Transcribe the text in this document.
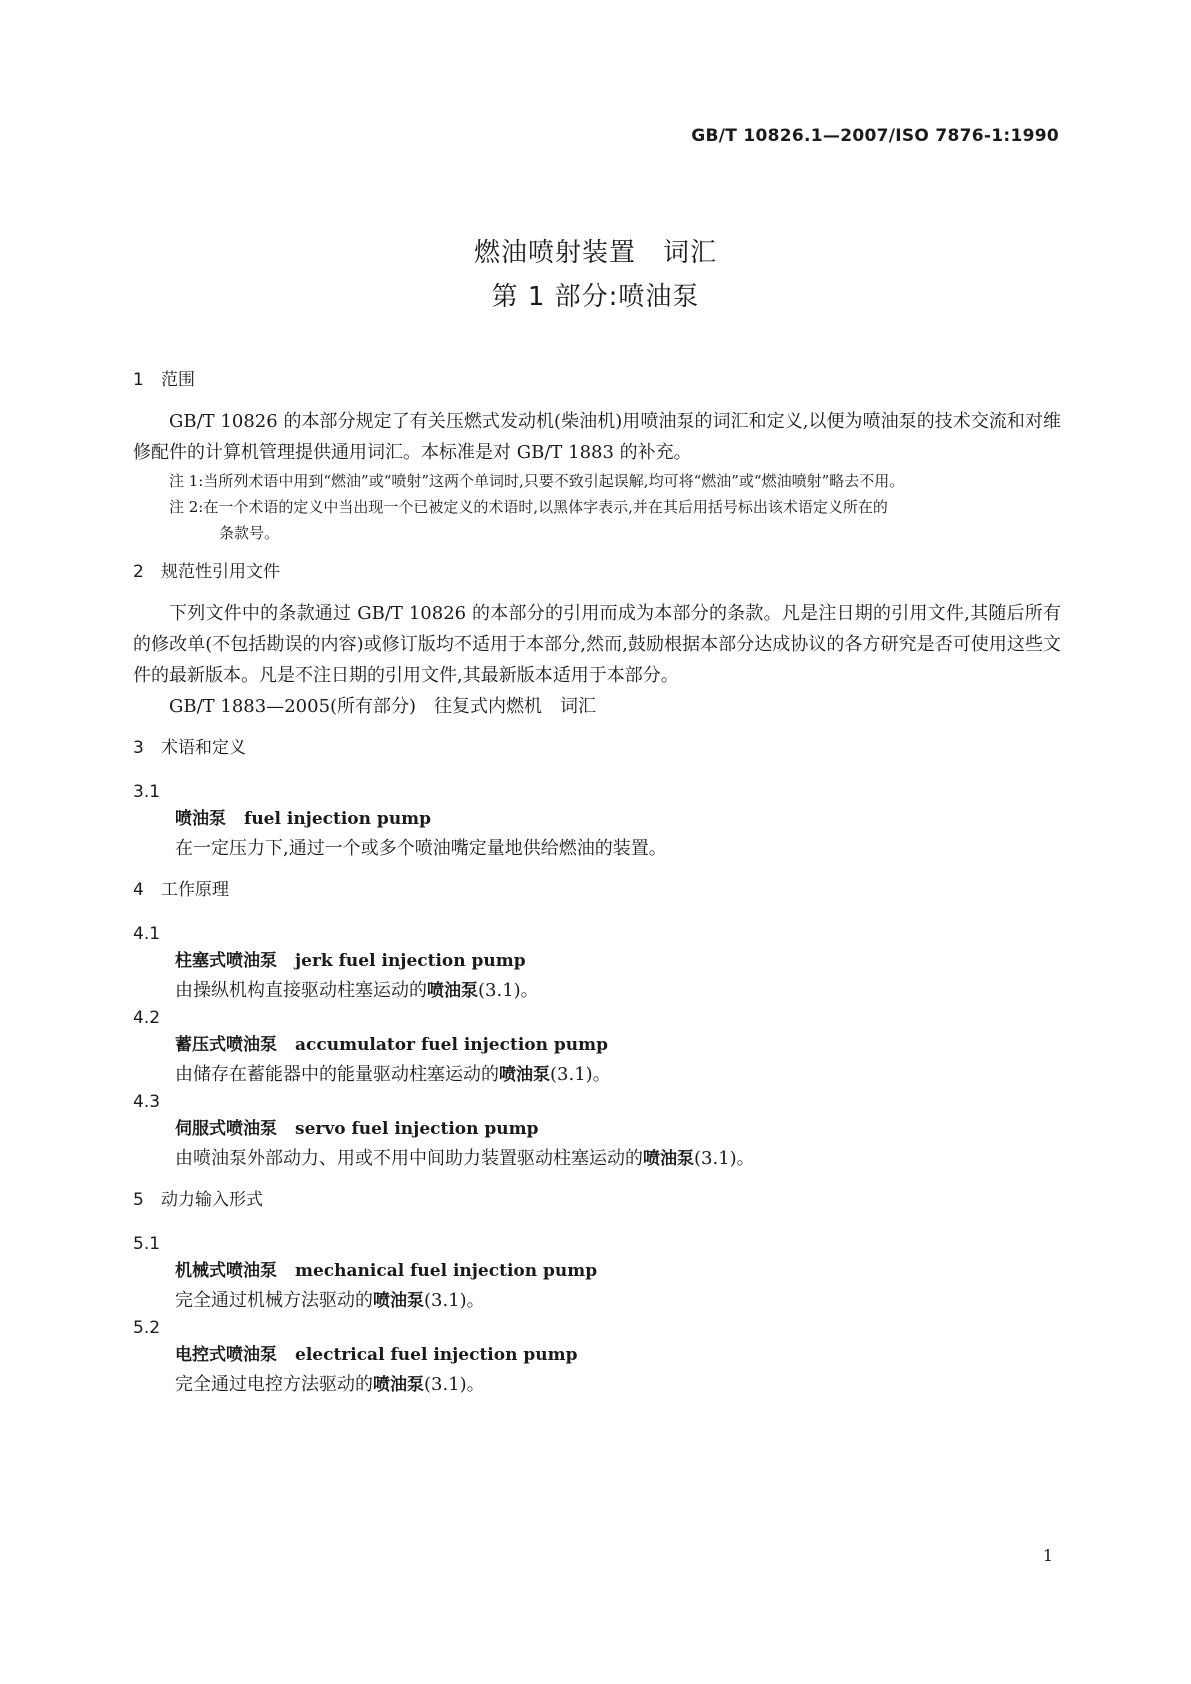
GB/T 10826.1—2007/ISO 7876-1:1990
燃油喷射装置　词汇
第 1 部分:喷油泵

1 范围

GB/T 10826 的本部分规定了有关压燃式发动机(柴油机)用喷油泵的词汇和定义,以便为喷油泵的技术交流和对维修配件的计算机管理提供通用词汇。本标准是对 GB/T 1883 的补充。

注 1:当所列术语中用到“燃油”或“喷射”这两个单词时,只要不致引起误解,均可将“燃油”或“燃油喷射”略去不用。

注 2:在一个术语的定义中当出现一个已被定义的术语时,以黑体字表示,并在其后用括号标出该术语定义所在的

条款号。

2 规范性引用文件

下列文件中的条款通过 GB/T 10826 的本部分的引用而成为本部分的条款。凡是注日期的引用文件,其随后所有的修改单(不包括勘误的内容)或修订版均不适用于本部分,然而,鼓励根据本部分达成协议的各方研究是否可使用这些文件的最新版本。凡是不注日期的引用文件,其最新版本适用于本部分。

GB/T 1883—2005(所有部分)　往复式内燃机　词汇

3 术语和定义

3.1

喷油泵 fuel injection pump

在一定压力下,通过一个或多个喷油嘴定量地供给燃油的装置。

4 工作原理

4.1

柱塞式喷油泵 jerk fuel injection pump

由操纵机构直接驱动柱塞运动的喷油泵(3.1)。

4.2

蓄压式喷油泵 accumulator fuel injection pump

由储存在蓄能器中的能量驱动柱塞运动的喷油泵(3.1)。

4.3

伺服式喷油泵 servo fuel injection pump

由喷油泵外部动力、用或不用中间助力装置驱动柱塞运动的喷油泵(3.1)。

5 动力输入形式

5.1

机械式喷油泵 mechanical fuel injection pump

完全通过机械方法驱动的喷油泵(3.1)。

5.2

电控式喷油泵 electrical fuel injection pump

完全通过电控方法驱动的喷油泵(3.1)。

1
